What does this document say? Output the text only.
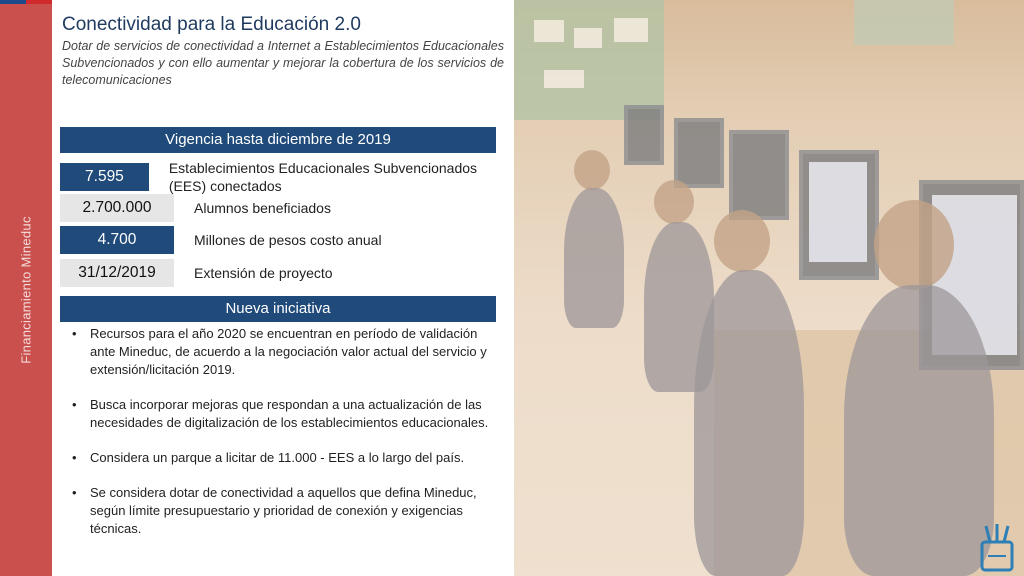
Financiamiento Mineduc
Conectividad para la Educación 2.0
Dotar de servicios de conectividad a Internet a Establecimientos Educacionales Subvencionados y con ello aumentar y mejorar la cobertura de los servicios de telecomunicaciones
Vigencia hasta diciembre de 2019
7.595	Establecimientos Educacionales Subvencionados (EES) conectados
2.700.000	Alumnos beneficiados
4.700	Millones de pesos costo anual
31/12/2019	Extensión de proyecto
Nueva iniciativa
• Recursos para el año 2020 se encuentran en período de validación ante Mineduc, de acuerdo a la negociación valor actual del servicio y extensión/licitación 2019.
• Busca incorporar mejoras que respondan a una actualización de las necesidades de digitalización de los establecimientos educacionales.
• Considera un parque a licitar de 11.000 - EES a lo largo del país.
• Se considera dotar de conectividad a aquellos que defina Mineduc, según límite presupuestario y prioridad de conexión y exigencias técnicas.
